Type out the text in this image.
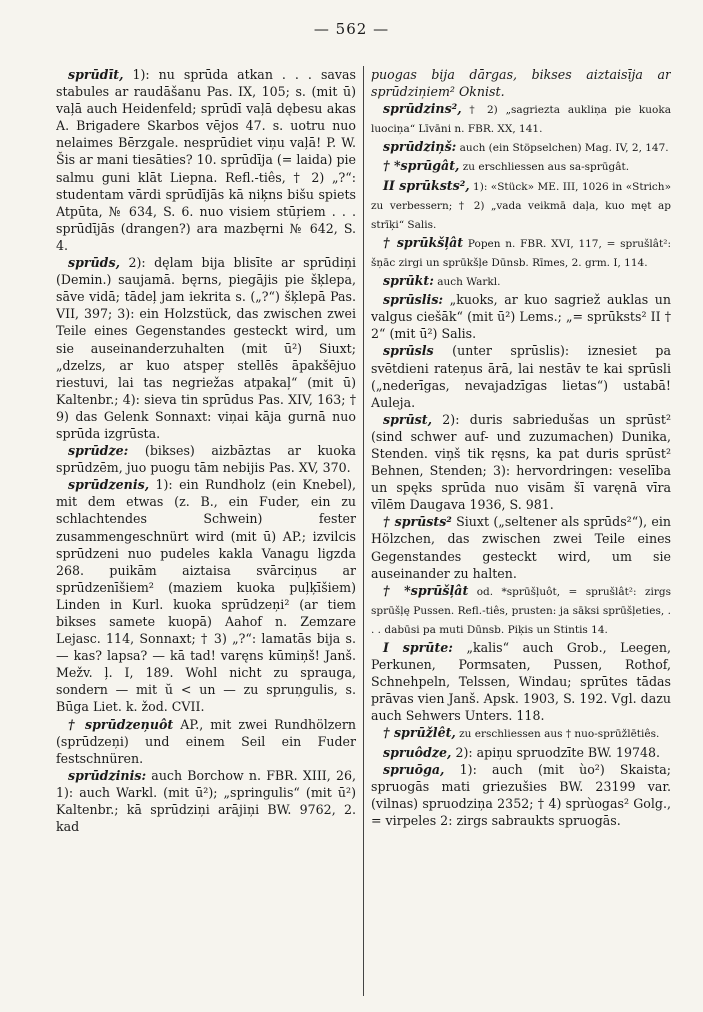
— 562 —

sprūdīt, 1): nu sprūda atkan . . . savas stabules ar raudāšanu Pas. IX, 105; s. (mit ū) vaļā auch Heidenfeld; sprūdī vaļā dębesu akas A. Brigadere Skarbos vējos 47. s. uotru nuo nelaimes Bērzgale. nesprūdiet viņu vaļā! P. W. Šis ar mani tiesāties? 10. sprūdīja (= laida) pie salmu guni klāt Liepna. Refl.-tiês, † 2) „?“: studentam vārdi sprūdījās kā niķns bišu spiets Atpūta, № 634, S. 6. nuo visiem stūŗiem . . . sprūdījās (drangen?) ara mazbęrni № 642, S. 4.

sprūds, 2): dęlam bija blisīte ar sprūdiņi (Demin.) saujamā. bęrns, piegājis pie šķlepa, sāve vidā; tādeļ jam iekrita s. („?“) šķlepā Pas. VII, 397; 3): ein Holzstück, das zwischen zwei Teile eines Gegenstandes gesteckt wird, um sie auseinanderzuhalten (mit ū²) Siuxt; „dzelzs, ar kuo atspeŗ stellēs āpakšējuo riestuvi, lai tas negriežas atpakaļ“ (mit ū) Kaltenbr.; 4): sieva tin sprūdus Pas. XIV, 163; † 9) das Gelenk Sonnaxt: viņai kāja gurnā nuo sprūda izgrūsta.

sprūdze: (bikses) aizbāztas ar kuoka sprūdzēm, juo puogu tām nebijis Pas. XV, 370.

sprūdzenis, 1): ein Rundholz (ein Knebel), mit dem etwas (z. B., ein Fuder, ein zu schlachtendes Schwein) fester zusammengeschnürt wird (mit ū) AP.; izvilcis sprūdzeni nuo pudeles kakla Vanagu ligzda 268. puikām aiztaisa svārciņus ar sprūdzenīšiem² (maziem kuoka puļķīšiem) Linden in Kurl. kuoka sprūdzeņi² (ar tiem bikses samete kuopā) Aahof n. Zemzare Lejasc. 114, Sonnaxt; † 3) „?“: lamatās bija s. — kas? lapsa? — kā tad! varęns kūmiņš! Janš. Mežv. ļ. I, 189. Wohl nicht zu spraugа, sondern — mit ŭ < un — zu spruņgulis, s. Būga Liet. k. žod. CVII.

† sprūdzeņuôt AP., mit zwei Rundhölzern (sprūdzeņi) und einem Seil ein Fuder festschnüren.

sprūdzinis: auch Borchow n. FBR. XIII, 26, 1): auch Warkl. (mit ū²); „springulis“ (mit ū²) Kaltenbr.; kā sprūdziņi arājiņi BW. 9762, 2. kad

puogas bija dārgas, bikses aiztaisīja ar sprūdziņiem² Oknist.

sprūdzins², † 2) „sagriezta aukliņa pie kuoka luociņa“ Līvāni n. FBR. XX, 141.

sprūdziņš: auch (ein Stöpselchen) Mag. IV, 2, 147.

† *sprūgât, zu erschliessen aus sa-sprūgât.

II sprūksts², 1): «Stück» ME. III, 1026 in «Strich» zu verbessern; † 2) „vada veikmā daļa, kuo męt ap strīķi“ Salis.

† sprūkšļât Popen n. FBR. XVI, 117, = sprušlât²: šņāc zirgi un sprūkšļe Dūnsb. Rīmes, 2. grm. I, 114.

sprūkt: auch Warkl.

sprūslis: „kuoks, ar kuo sagriež auklas un valgus ciešāk“ (mit ū²) Lems.; „= sprūksts² II † 2“ (mit ū²) Salis.

sprūsls (unter sprūslis): iznesiet pa svētdieni rateņus ārā, lai nestāv te kai sprūsli („nederīgas, nevajadzīgas lietas“) ustabā! Auleja.

sprūst, 2): duris sabriedušas un sprūst² (sind schwer auf- und zuzumachen) Dunika, Stenden. viņš tik ręsns, ka pat duris sprūst² Behnen, Stenden; 3): hervordringen: veselība un spęks sprūda nuo visām šī varęnā vīra vīlēm Daugava 1936, S. 981.

† sprūsts² Siuxt („seltener als sprūds²“), ein Hölzchen, das zwischen zwei Teile eines Gegenstandes gesteckt wird, um sie auseinander zu halten.

† *sprūšļât od. *sprūšļuôt, = sprušlât²: zirgs sprūšļę Pussen. Refl.-tiês, prusten: ja sāksi sprūšļeties, . . . dabūsi pa muti Dūnsb. Piķis un Stintis 14.

I sprūte: „kalis“ auch Grob., Leegen, Perkunen, Pormsaten, Pussen, Rothof, Schnehpeln, Telssen, Windau; sprūtes tādas prāvas vien Janš. Apsk. 1903, S. 192. Vgl. dazu auch Sehwers Unters. 118.

† sprūžlêt, zu erschliessen aus † nuo-sprūžlētiês.

spruôdze, 2): apiņu spruodzīte BW. 19748.

spruōga, 1): auch (mit ùo²) Skaista; spruogās mati griezušies BW. 23199 var. (vilnas) spruodziņa 2352; † 4) sprùogas² Golg., = virpeles 2: zirgs sabraukts spruogās.
